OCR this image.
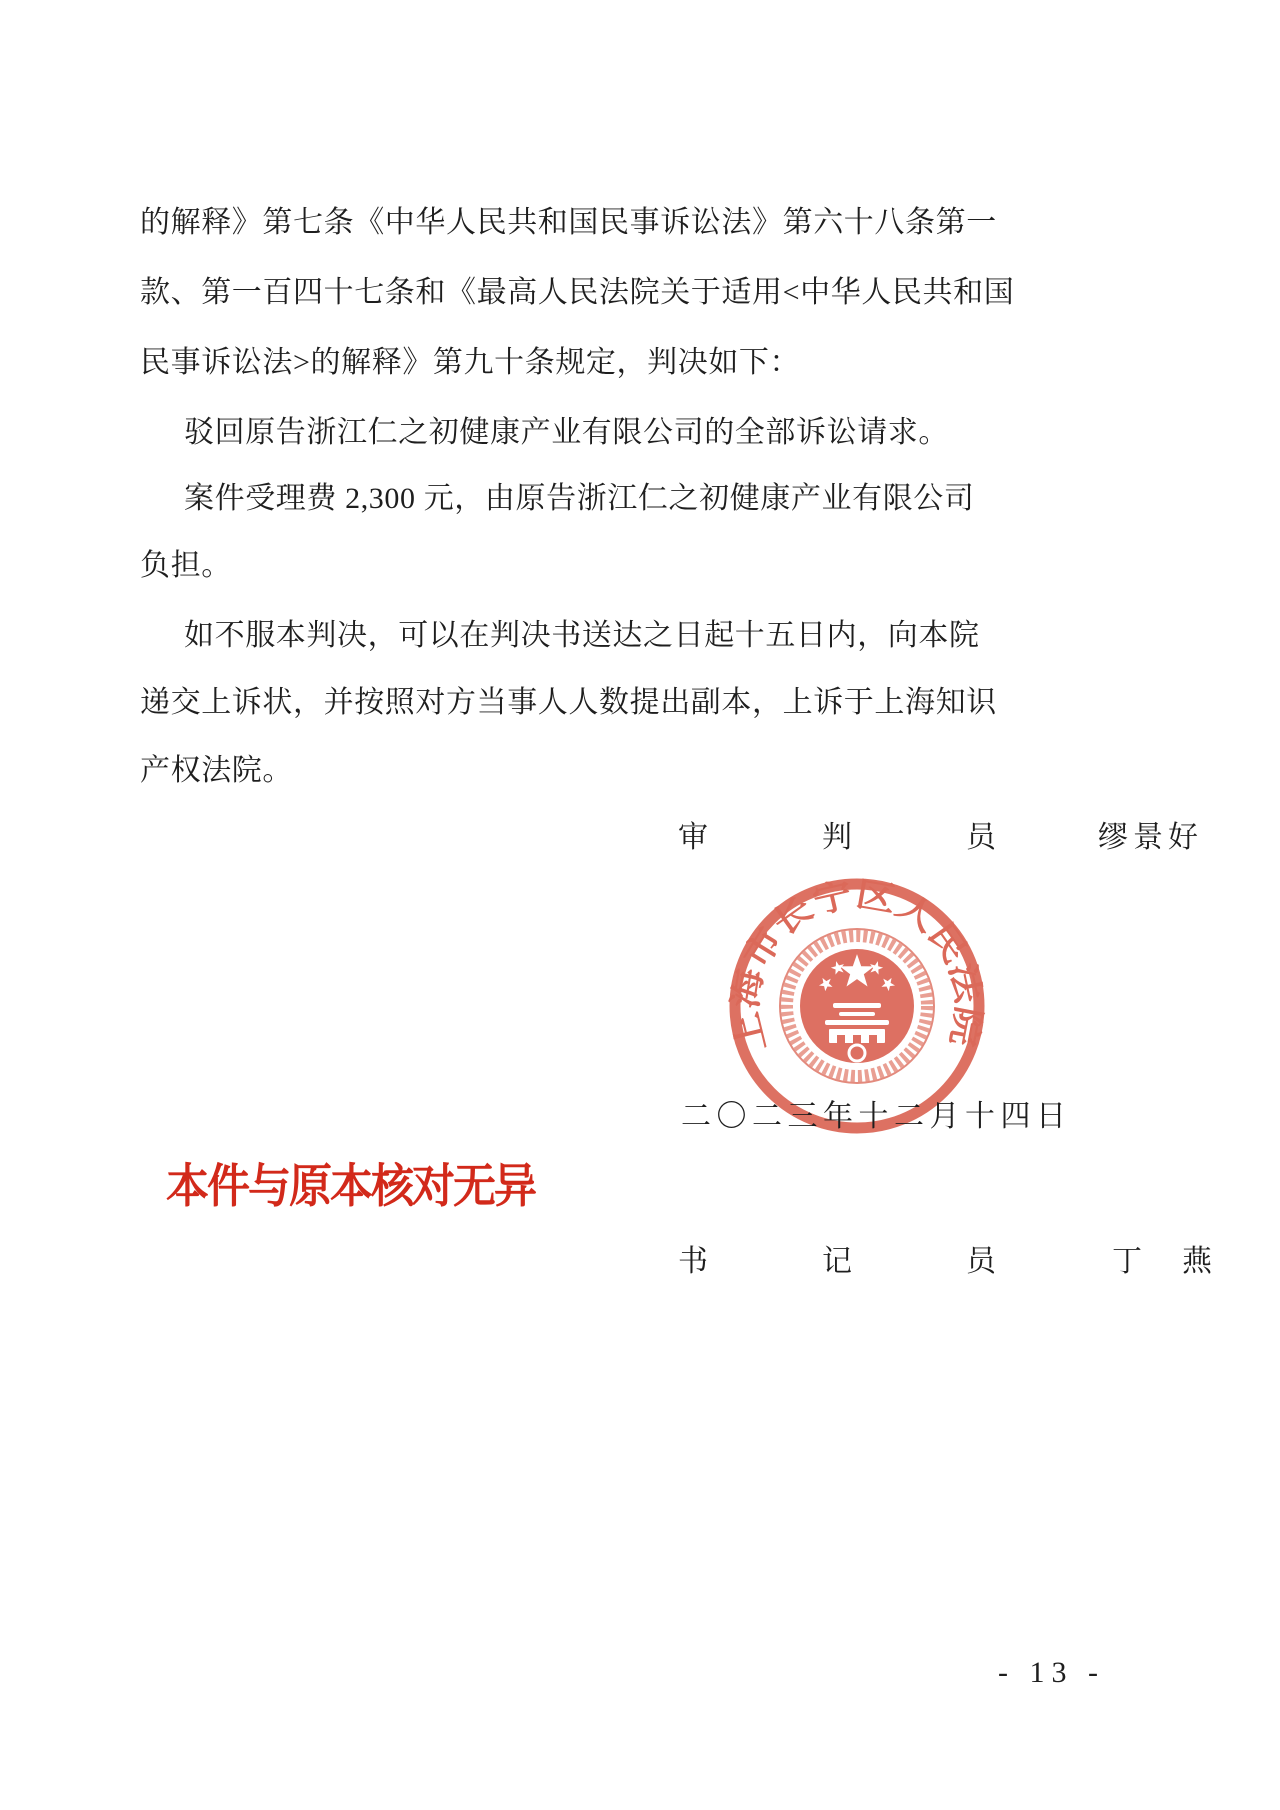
的解释》第七条《中华人民共和国民事诉讼法》第六十八条第一
款、第一百四十七条和《最高人民法院关于适用<中华人民共和国
民事诉讼法>的解释》第九十条规定，判决如下：
驳回原告浙江仁之初健康产业有限公司的全部诉讼请求。
案件受理费 2,300 元，由原告浙江仁之初健康产业有限公司
负担。
如不服本判决，可以在判决书送达之日起十五日内，向本院
递交上诉状，并按照对方当事人人数提出副本，上诉于上海知识
产权法院。
审　判　员 缪景好
上海市长宁区人民法院
二〇二三年十二月十四日
本件与原本核对无异
书　记　员 丁　燕
- 13 -
